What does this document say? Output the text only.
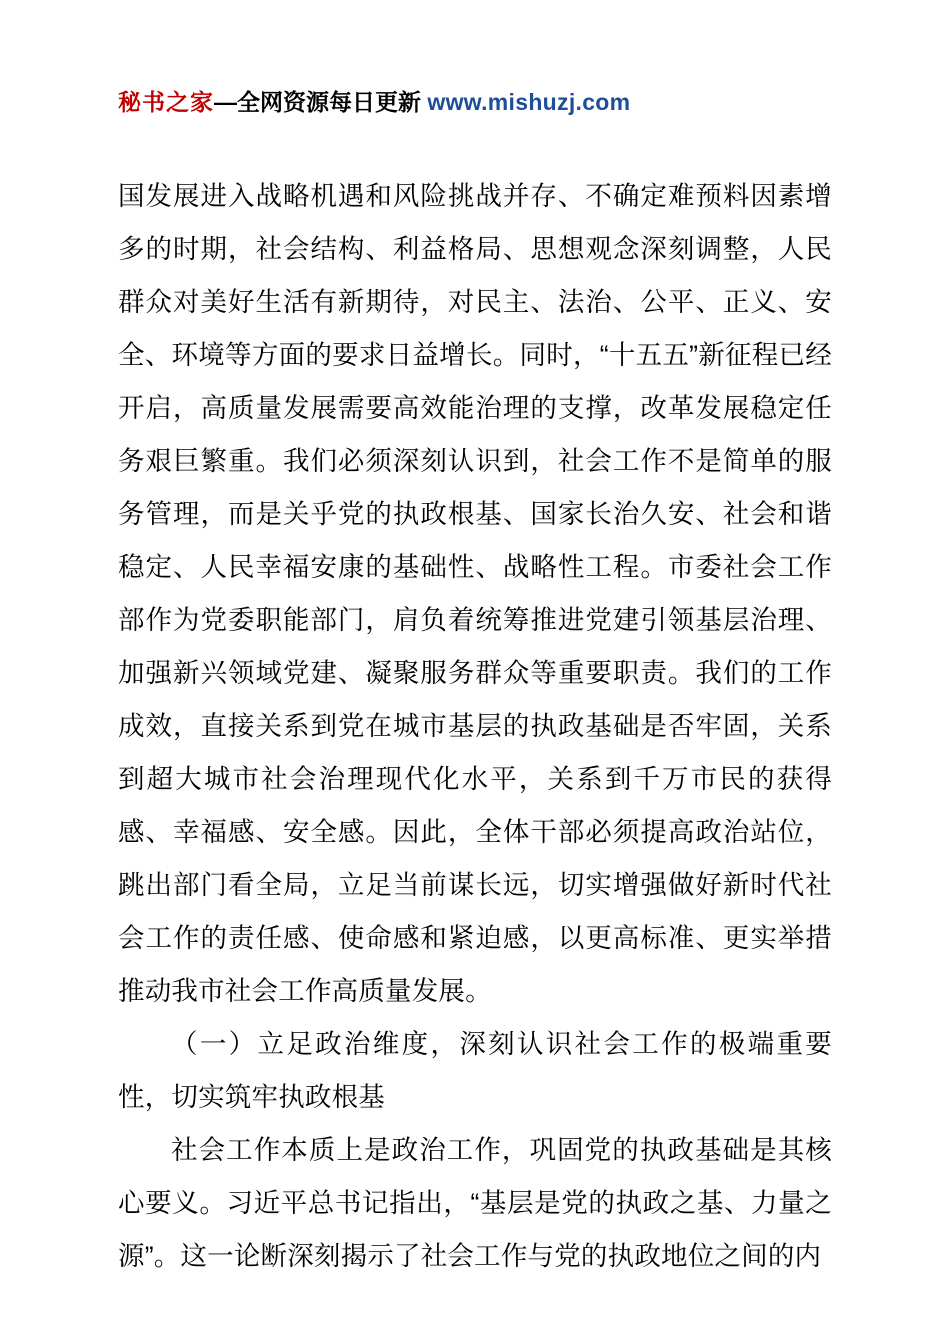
秘书之家—全网资源每日更新 www.mishuzj.com

国发展进入战略机遇和风险挑战并存、不确定难预料因素增多的时期，社会结构、利益格局、思想观念深刻调整，人民群众对美好生活有新期待，对民主、法治、公平、正义、安全、环境等方面的要求日益增长。同时，“十五五”新征程已经开启，高质量发展需要高效能治理的支撑，改革发展稳定任务艰巨繁重。我们必须深刻认识到，社会工作不是简单的服务管理，而是关乎党的执政根基、国家长治久安、社会和谐稳定、人民幸福安康的基础性、战略性工程。市委社会工作部作为党委职能部门，肩负着统筹推进党建引领基层治理、加强新兴领域党建、凝聚服务群众等重要职责。我们的工作成效，直接关系到党在城市基层的执政基础是否牢固，关系到超大城市社会治理现代化水平，关系到千万市民的获得感、幸福感、安全感。因此，全体干部必须提高政治站位，跳出部门看全局，立足当前谋长远，切实增强做好新时代社会工作的责任感、使命感和紧迫感，以更高标准、更实举措推动我市社会工作高质量发展。

（一）立足政治维度，深刻认识社会工作的极端重要性，切实筑牢执政根基

社会工作本质上是政治工作，巩固党的执政基础是其核心要义。习近平总书记指出，“基层是党的执政之基、力量之源”。这一论断深刻揭示了社会工作与党的执政地位之间的内
